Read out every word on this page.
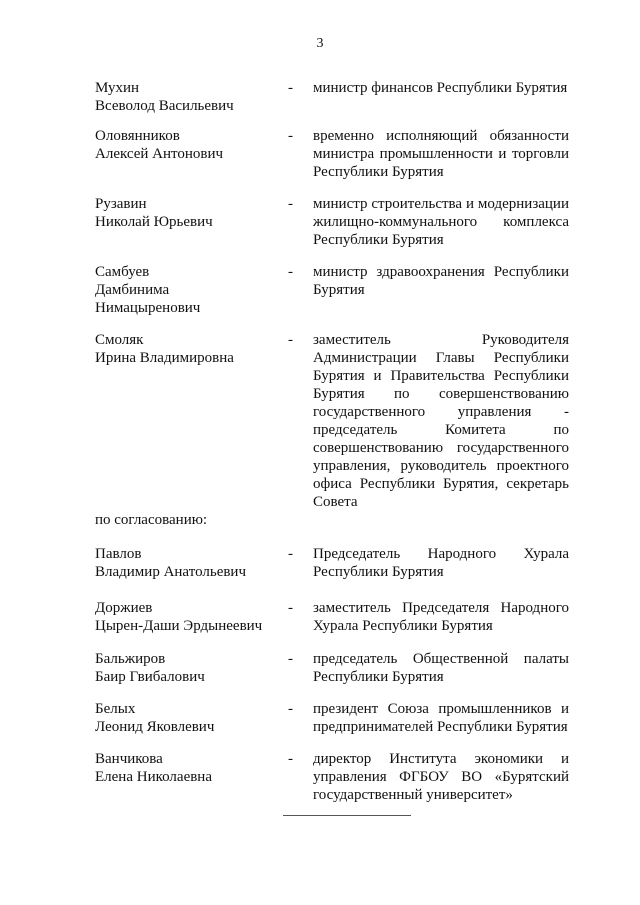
3
Мухин
Всеволод Васильевич
- министр финансов Республики Бурятия
Оловянников
Алексей Антонович
- временно исполняющий обязанности министра промышленности и торговли Республики Бурятия
Рузавин
Николай Юрьевич
- министр строительства и модернизации жилищно-коммунального комплекса Республики Бурятия
Самбуев
Дамбинима
Нимацыренович
- министр здравоохранения Республики Бурятия
Смоляк
Ирина Владимировна
- заместитель Руководителя Администрации Главы Республики Бурятия и Правительства Республики Бурятия по совершенствованию государственного управления - председатель Комитета по совершенствованию государственного управления, руководитель проектного офиса Республики Бурятия, секретарь Совета
по согласованию:
Павлов
Владимир Анатольевич
- Председатель Народного Хурала Республики Бурятия
Доржиев
Цырен-Даши Эрдынеевич
- заместитель Председателя Народного Хурала Республики Бурятия
Бальжиров
Баир Гвибалович
- председатель Общественной палаты Республики Бурятия
Белых
Леонид Яковлевич
- президент Союза промышленников и предпринимателей Республики Бурятия
Ванчикова
Елена Николаевна
- директор Института экономики и управления ФГБОУ ВО «Бурятский государственный университет»
